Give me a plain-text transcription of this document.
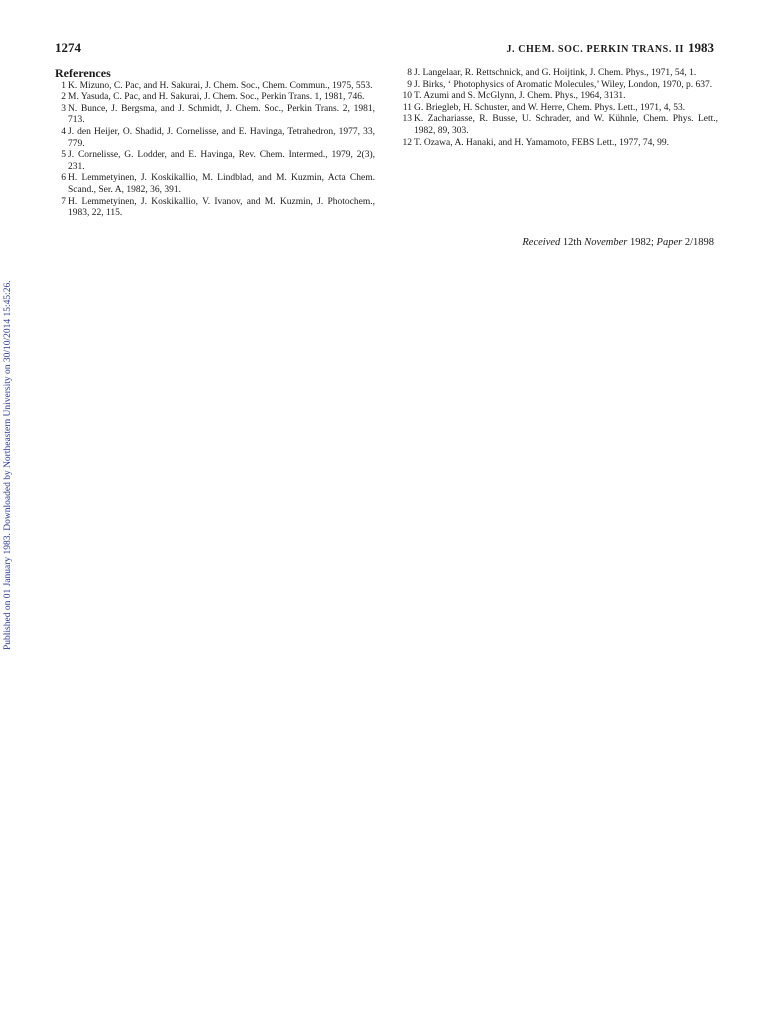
1274	J. CHEM. SOC. PERKIN TRANS. II 1983
Published on 01 January 1983. Downloaded by Northeastern University on 30/10/2014 15:45:26.
References
1 K. Mizuno, C. Pac, and H. Sakurai, J. Chem. Soc., Chem. Commun., 1975, 553.
2 M. Yasuda, C. Pac, and H. Sakurai, J. Chem. Soc., Perkin Trans. 1, 1981, 746.
3 N. Bunce, J. Bergsma, and J. Schmidt, J. Chem. Soc., Perkin Trans. 2, 1981, 713.
4 J. den Heijer, O. Shadid, J. Cornelisse, and E. Havinga, Tetrahedron, 1977, 33, 779.
5 J. Cornelisse, G. Lodder, and E. Havinga, Rev. Chem. Intermed., 1979, 2(3), 231.
6 H. Lemmetyinen, J. Koskikallio, M. Lindblad, and M. Kuzmin, Acta Chem. Scand., Ser. A, 1982, 36, 391.
7 H. Lemmetyinen, J. Koskikallio, V. Ivanov, and M. Kuzmin, J. Photochem., 1983, 22, 115.
8 J. Langelaar, R. Rettschnick, and G. Hoijtink, J. Chem. Phys., 1971, 54, 1.
9 J. Birks, ‘ Photophysics of Aromatic Molecules,’ Wiley, London, 1970, p. 637.
10 T. Azumi and S. McGlynn, J. Chem. Phys., 1964, 3131.
11 G. Briegleb, H. Schuster, and W. Herre, Chem. Phys. Lett., 1971, 4, 53.
13 K. Zachariasse, R. Busse, U. Schrader, and W. Kühnle, Chem. Phys. Lett., 1982, 89, 303.
12 T. Ozawa, A. Hanaki, and H. Yamamoto, FEBS Lett., 1977, 74, 99.
Received 12th November 1982; Paper 2/1898
